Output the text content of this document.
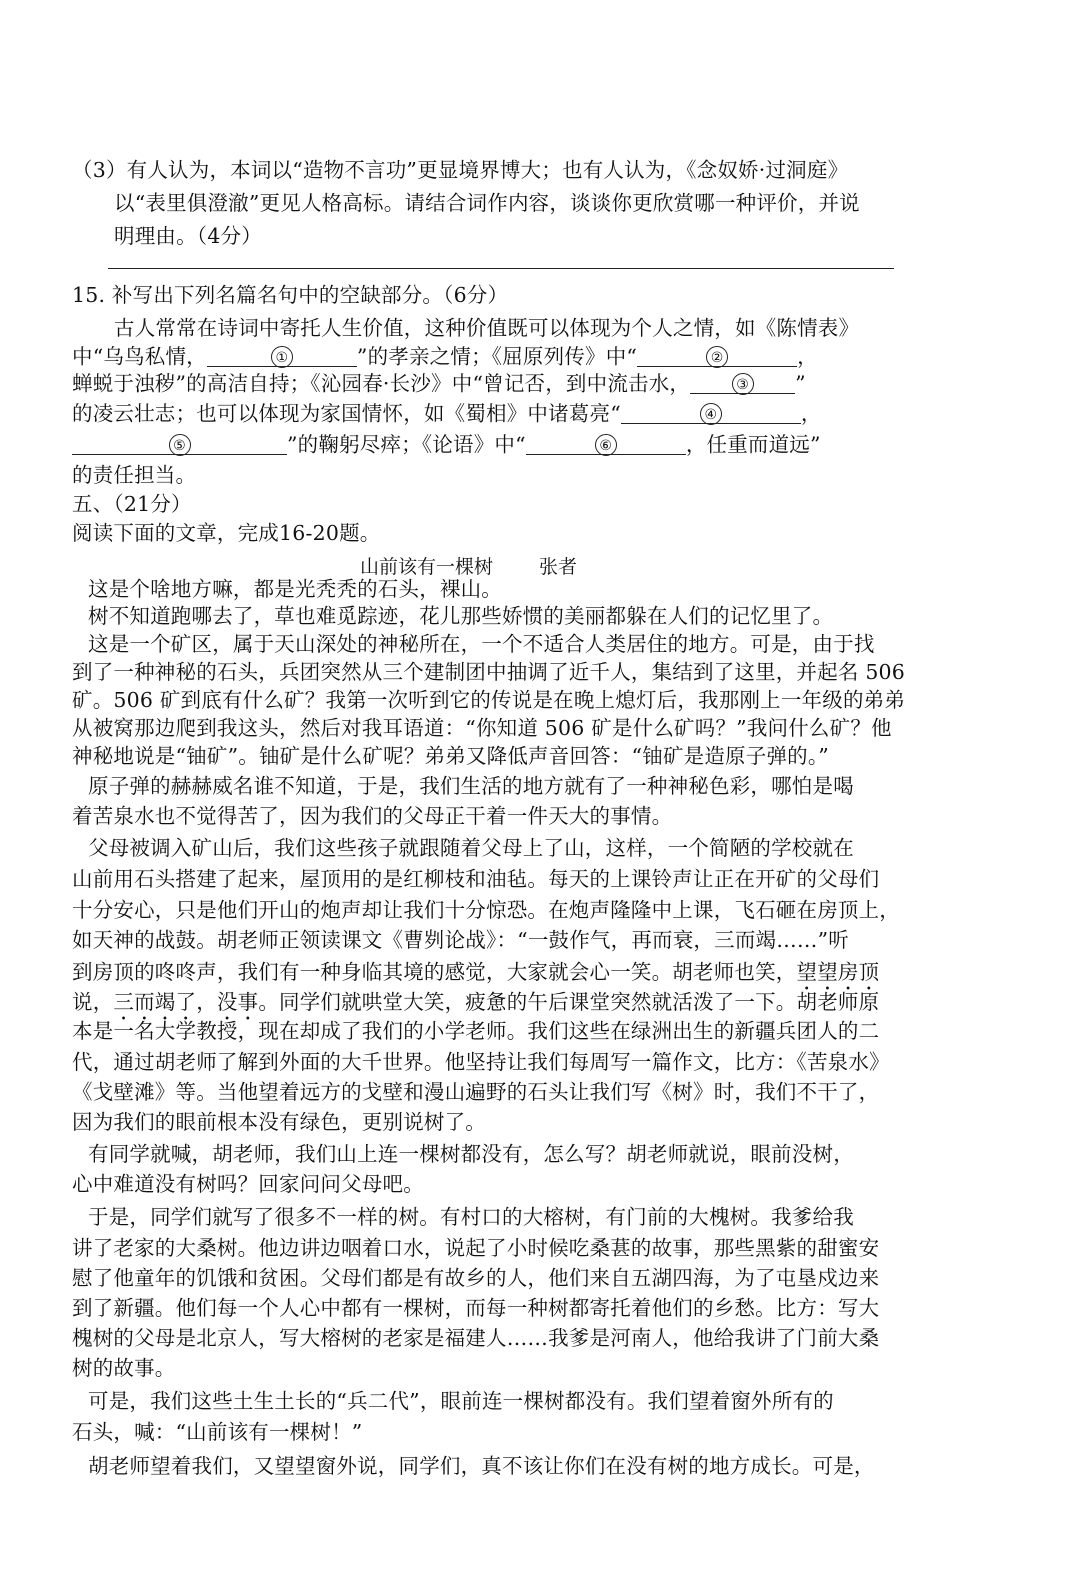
（3）有人认为，本词以“造物不言功”更显境界博大；也有人认为，《念奴娇·过洞庭》
以“表里俱澄澈”更见人格高标。请结合词作内容，谈谈你更欣赏哪一种评价，并说
明理由。（4分）
15. 补写出下列名篇名句中的空缺部分。（6分）
古人常常在诗词中寄托人生价值，这种价值既可以体现为个人之情，如《陈情表》
中“乌鸟私情，	①	”的孝亲之情；《屈原列传》中“	②	，
蝉蜕于浊秽”的高洁自持；《沁园春·长沙》中“曾记否，到中流击水，	③ ”
的凌云壮志；也可以体现为家国情怀，如《蜀相》中诸葛亮“	④	，
⑤	”的鞠躬尽瘁；《论语》中“	⑥	，任重而道远”
的责任担当。
五、（21分）
阅读下面的文章，完成16-20题。
山前该有一棵树 张者
这是个啥地方嘛，都是光秃秃的石头，裸山。
树不知道跑哪去了，草也难觅踪迹，花儿那些娇惯的美丽都躲在人们的记忆里了。
这是一个矿区，属于天山深处的神秘所在，一个不适合人类居住的地方。可是，由于找
到了一种神秘的石头，兵团突然从三个建制团中抽调了近千人，集结到了这里，并起名 506
矿。506 矿到底有什么矿？我第一次听到它的传说是在晚上熄灯后，我那刚上一年级的弟弟
从被窝那边爬到我这头，然后对我耳语道：“你知道 506 矿是什么矿吗？”我问什么矿？他
神秘地说是“铀矿”。铀矿是什么矿呢？弟弟又降低声音回答：“铀矿是造原子弹的。”
原子弹的赫赫威名谁不知道，于是，我们生活的地方就有了一种神秘色彩，哪怕是喝
着苦泉水也不觉得苦了，因为我们的父母正干着一件天大的事情。
父母被调入矿山后，我们这些孩子就跟随着父母上了山，这样，一个简陋的学校就在
山前用石头搭建了起来，屋顶用的是红柳枝和油毡。每天的上课铃声让正在开矿的父母们
十分安心，只是他们开山的炮声却让我们十分惊恐。在炮声隆隆中上课，飞石砸在房顶上，
如天神的战鼓。胡老师正领读课文《曹刿论战》：“一鼓作气，再而衰，三而竭……”听
到房顶的咚咚声，我们有一种身临其境的感觉，大家就会心一笑。胡老师也笑，望望房顶
说，三而竭了，没事。同学们就哄堂大笑，疲惫的午后课堂突然就活泼了一下。胡老师原
本是一名大学教授，现在却成了我们的小学老师。我们这些在绿洲出生的新疆兵团人的二
代，通过胡老师了解到外面的大千世界。他坚持让我们每周写一篇作文，比方：《苦泉水》
《戈壁滩》等。当他望着远方的戈壁和漫山遍野的石头让我们写《树》时，我们不干了，
因为我们的眼前根本没有绿色，更别说树了。
有同学就喊，胡老师，我们山上连一棵树都没有，怎么写？胡老师就说，眼前没树，
心中难道没有树吗？回家问问父母吧。
于是，同学们就写了很多不一样的树。有村口的大榕树，有门前的大槐树。我爹给我
讲了老家的大桑树。他边讲边咽着口水，说起了小时候吃桑葚的故事，那些黑紫的甜蜜安
慰了他童年的饥饿和贫困。父母们都是有故乡的人，他们来自五湖四海，为了屯垦戍边来
到了新疆。他们每一个人心中都有一棵树，而每一种树都寄托着他们的乡愁。比方：写大
槐树的父母是北京人，写大榕树的老家是福建人……我爹是河南人，他给我讲了门前大桑
树的故事。
可是，我们这些土生土长的“兵二代”，眼前连一棵树都没有。我们望着窗外所有的
石头，喊：“山前该有一棵树！”
胡老师望着我们，又望望窗外说，同学们，真不该让你们在没有树的地方成长。可是，
